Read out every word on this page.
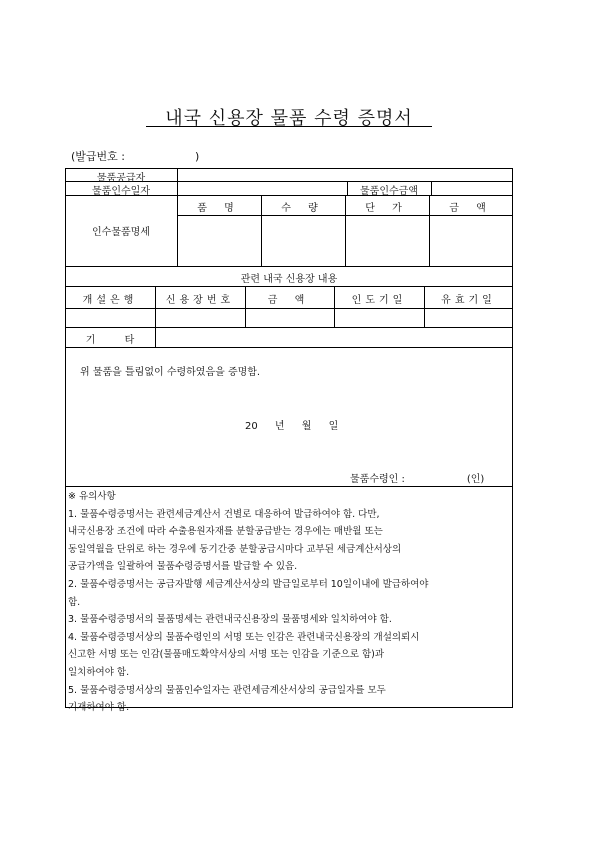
내국 신용장 물품 수령 증명서
(발급번호 :	)
물품공급자
물품인수일자	물품인수금액
인수물품명세
품 명	수 량	단 가	금 액
관련 내국 신용장 내용
개설은행	신용장번호	금 액	인도기일	유효기일
기 타
위 물품을 틀림없이 수령하였음을 증명함.
20 년 월 일
물품수령인 :	(인)
※ 유의사항
1. 물품수령증명서는 관련세금계산서 건별로 대응하여 발급하여야 함. 다만,
내국신용장 조건에 따라 수출용원자재를 분할공급받는 경우에는 매반월 또는
동일역월을 단위로 하는 경우에 동기간중 분할공급시마다 교부된 세금계산서상의
공급가액을 일괄하여 물품수령증명서를 발급할 수 있음.
2. 물품수령증명서는 공급자발행 세금계산서상의 발급일로부터 10일이내에 발급하여야
함.
3. 물품수령증명서의 물품명세는 관련내국신용장의 물품명세와 일치하여야 함.
4. 물품수령증명서상의 물품수령인의 서명 또는 인감은 관련내국신용장의 개설의뢰시
신고한 서명 또는 인감(물품매도확약서상의 서명 또는 인감을 기준으로 함)과
일치하여야 함.
5. 물품수령증명서상의 물품인수일자는 관련세금계산서상의 공급일자를 모두
기재하여야 함.
